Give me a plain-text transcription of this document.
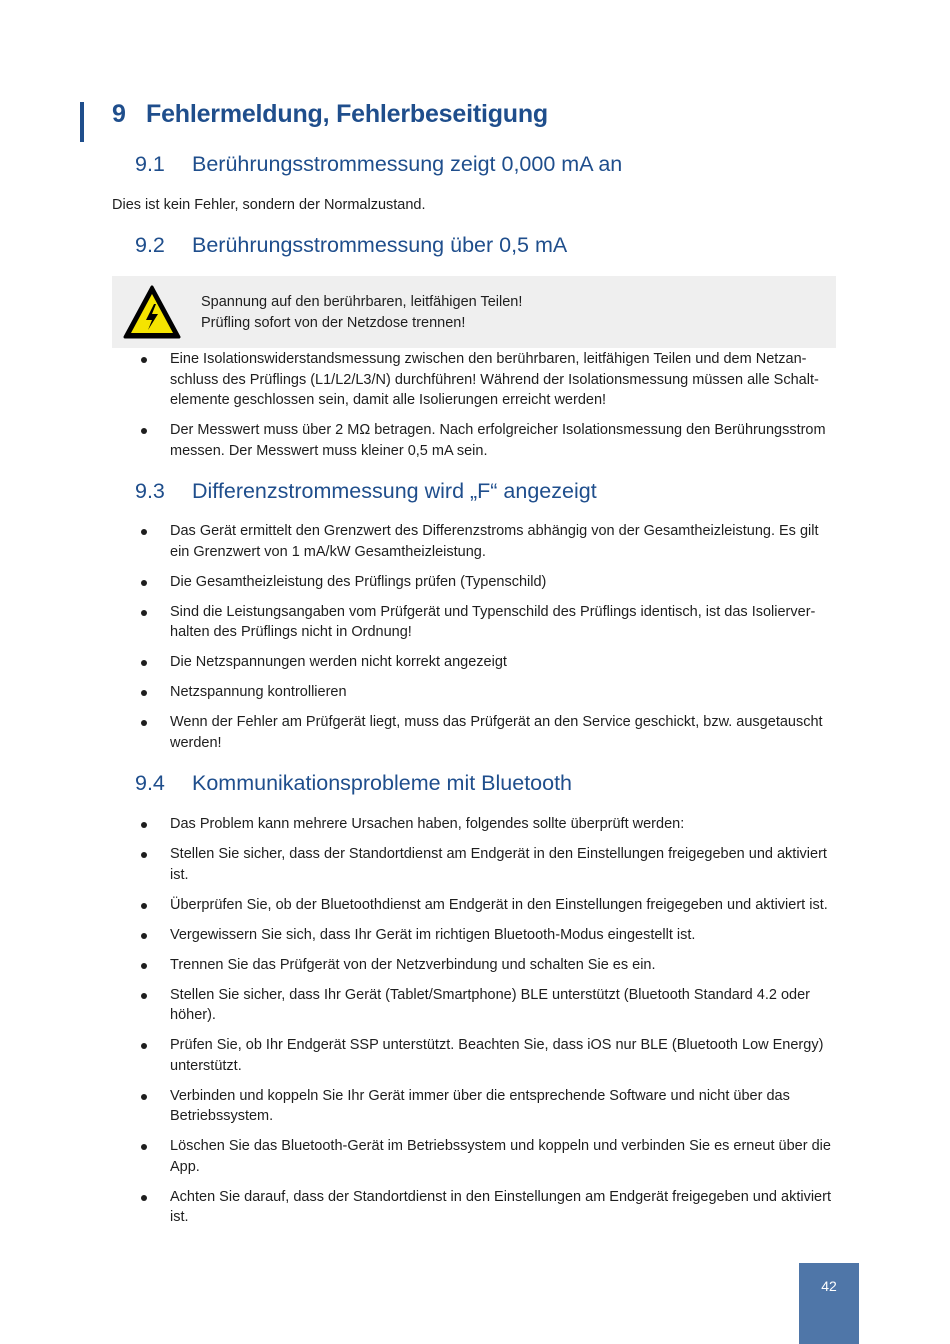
9 Fehlermeldung, Fehlerbeseitigung
9.1 Berührungsstrommessung zeigt 0,000 mA an

Dies ist kein Fehler, sondern der Normalzustand.

9.2 Berührungsstrommessung über 0,5 mA
Spannung auf den berührbaren, leitfähigen Teilen!
Prüfling sofort von der Netzdose trennen!
Eine Isolationswiderstandsmessung zwischen den berührbaren, leitfähigen Teilen und dem Netzanschluss des Prüflings (L1/L2/L3/N) durchführen! Während der Isolationsmessung müssen alle Schaltelemente geschlossen sein, damit alle Isolierungen erreicht werden!
Der Messwert muss über 2 MΩ betragen. Nach erfolgreicher Isolationsmessung den Berührungsstrom messen. Der Messwert muss kleiner 0,5 mA sein.
9.3 Differenzstrommessung wird „F“ angezeigt
Das Gerät ermittelt den Grenzwert des Differenzstroms abhängig von der Gesamtheizleistung. Es gilt ein Grenzwert von 1 mA/kW Gesamtheizleistung.
Die Gesamtheizleistung des Prüflings prüfen (Typenschild)
Sind die Leistungsangaben vom Prüfgerät und Typenschild des Prüflings identisch, ist das Isolierverhalten des Prüflings nicht in Ordnung!
Die Netzspannungen werden nicht korrekt angezeigt
Netzspannung kontrollieren
Wenn der Fehler am Prüfgerät liegt, muss das Prüfgerät an den Service geschickt, bzw. ausgetauscht werden!
9.4 Kommunikationsprobleme mit Bluetooth
Das Problem kann mehrere Ursachen haben, folgendes sollte überprüft werden:
Stellen Sie sicher, dass der Standortdienst am Endgerät in den Einstellungen freigegeben und aktiviert ist.
Überprüfen Sie, ob der Bluetoothdienst am Endgerät in den Einstellungen freigegeben und aktiviert ist.
Vergewissern Sie sich, dass Ihr Gerät im richtigen Bluetooth-Modus eingestellt ist.
Trennen Sie das Prüfgerät von der Netzverbindung und schalten Sie es ein.
Stellen Sie sicher, dass Ihr Gerät (Tablet/Smartphone) BLE unterstützt (Bluetooth Standard 4.2 oder höher).
Prüfen Sie, ob Ihr Endgerät SSP unterstützt. Beachten Sie, dass iOS nur BLE (Bluetooth Low Energy) unterstützt.
Verbinden und koppeln Sie Ihr Gerät immer über die entsprechende Software und nicht über das Betriebssystem.
Löschen Sie das Bluetooth-Gerät im Betriebssystem und koppeln und verbinden Sie es erneut über die App.
Achten Sie darauf, dass der Standortdienst in den Einstellungen am Endgerät freigegeben und aktiviert ist.
42
